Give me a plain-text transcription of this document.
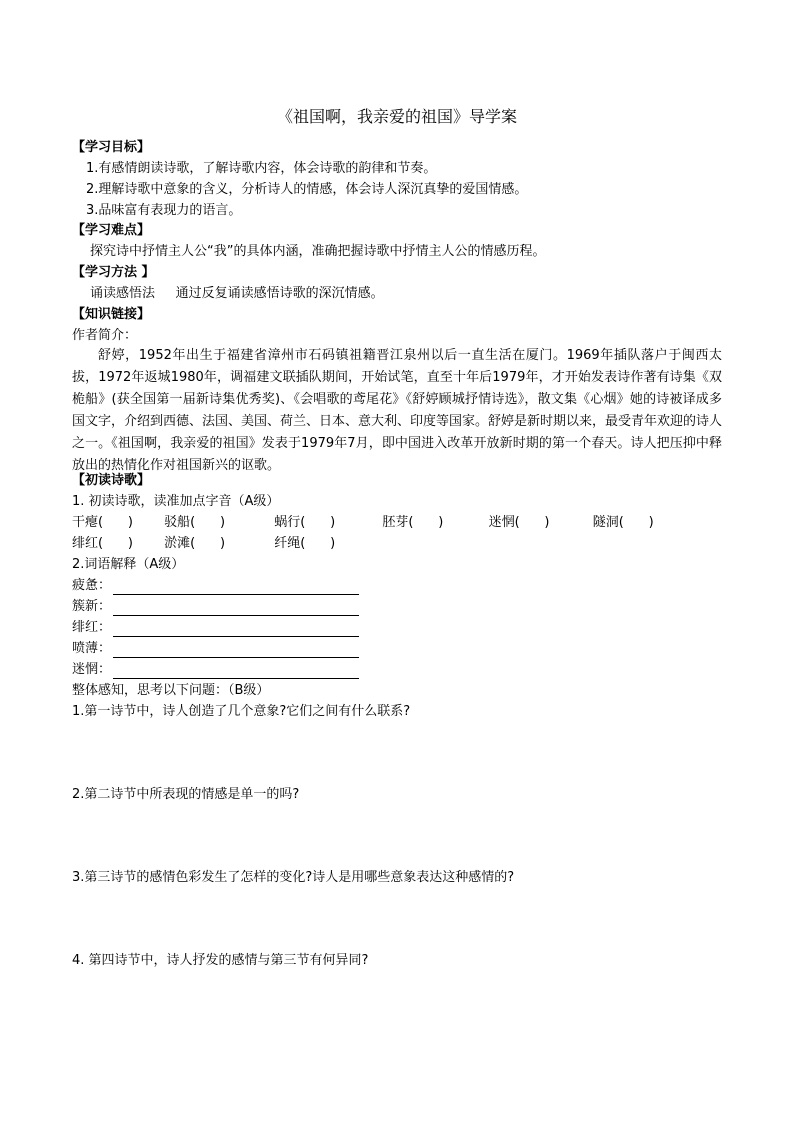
《祖国啊，我亲爱的祖国》导学案
【学习目标】
1.有感情朗读诗歌，了解诗歌内容，体会诗歌的韵律和节奏。
2.理解诗歌中意象的含义，分析诗人的情感，体会诗人深沉真挚的爱国情感。
3.品味富有表现力的语言。
【学习难点】
探究诗中抒情主人公“我”的具体内涵，准确把握诗歌中抒情主人公的情感历程。
【学习方法 】
诵读感悟法     通过反复诵读感悟诗歌的深沉情感。
【知识链接】
作者简介：
舒婷，1952年出生于福建省漳州市石码镇祖籍晋江泉州以后一直生活在厦门。1969年插队落户于闽西太拔，1972年返城1980年，调福建文联插队期间，开始试笔，直至十年后1979年，才开始发表诗作著有诗集《双桅船》(获全国第一届新诗集优秀奖)、《会唱歌的鸢尾花》《舒婷顾城抒情诗选》，散文集《心烟》她的诗被译成多国文字，介绍到西德、法国、美国、荷兰、日本、意大利、印度等国家。舒婷是新时期以来，最受青年欢迎的诗人之一。《祖国啊，我亲爱的祖国》发表于1979年7月，即中国进入改革开放新时期的第一个春天。诗人把压抑中释放出的热情化作对祖国新兴的讴歌。
【初读诗歌】
1. 初读诗歌，读准加点字音（A级）
干瘪(      ) 驳船(      )	蜗行(      )	胚芽(      )	迷惘(      )	隧洞(      )
绯红(      ) 淤滩(      )	纤绳(      )
2.词语解释（A级）
疲惫：
簇新：
绯红：
喷薄：
迷惘：
整体感知，思考以下问题：（B级）
1.第一诗节中，诗人创造了几个意象?它们之间有什么联系?
2.第二诗节中所表现的情感是单一的吗?
3.第三诗节的感情色彩发生了怎样的变化?诗人是用哪些意象表达这种感情的?
4. 第四诗节中，诗人抒发的感情与第三节有何异同?
